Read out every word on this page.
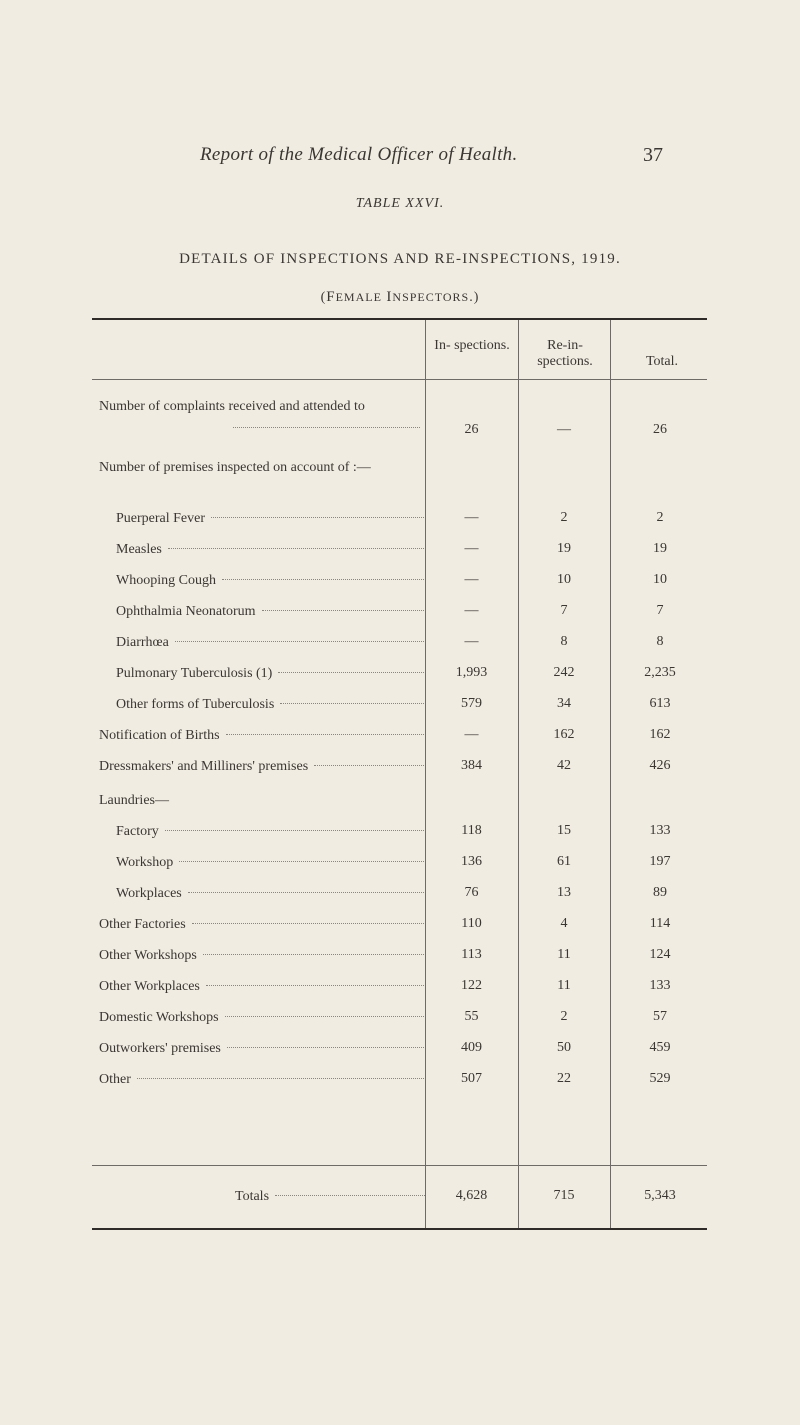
Report of the Medical Officer of Health.	37
TABLE XXVI.
DETAILS OF INSPECTIONS AND RE-INSPECTIONS, 1919.
(FEMALE INSPECTORS.)
In- spections.	Re-in- spections.	Total.
Number of complaints received and attended to
26	—	26
Number of premises inspected on account of :—
Puerperal Fever	—	2	2
Measles	—	19	19
Whooping Cough	—	10	10
Ophthalmia Neonatorum	—	7	7
Diarrhœa	—	8	8
Pulmonary Tuberculosis (1)	1,993	242	2,235
Other forms of Tuberculosis	579	34	613
Notification of Births	—	162	162
Dressmakers' and Milliners' premises	384	42	426
Laundries—
Factory	118	15	133
Workshop	136	61	197
Workplaces	76	13	89
Other Factories	110	4	114
Other Workshops	113	11	124
Other Workplaces	122	11	133
Domestic Workshops	55	2	57
Outworkers' premises	409	50	459
Other	507	22	529
Totals	4,628	715	5,343
